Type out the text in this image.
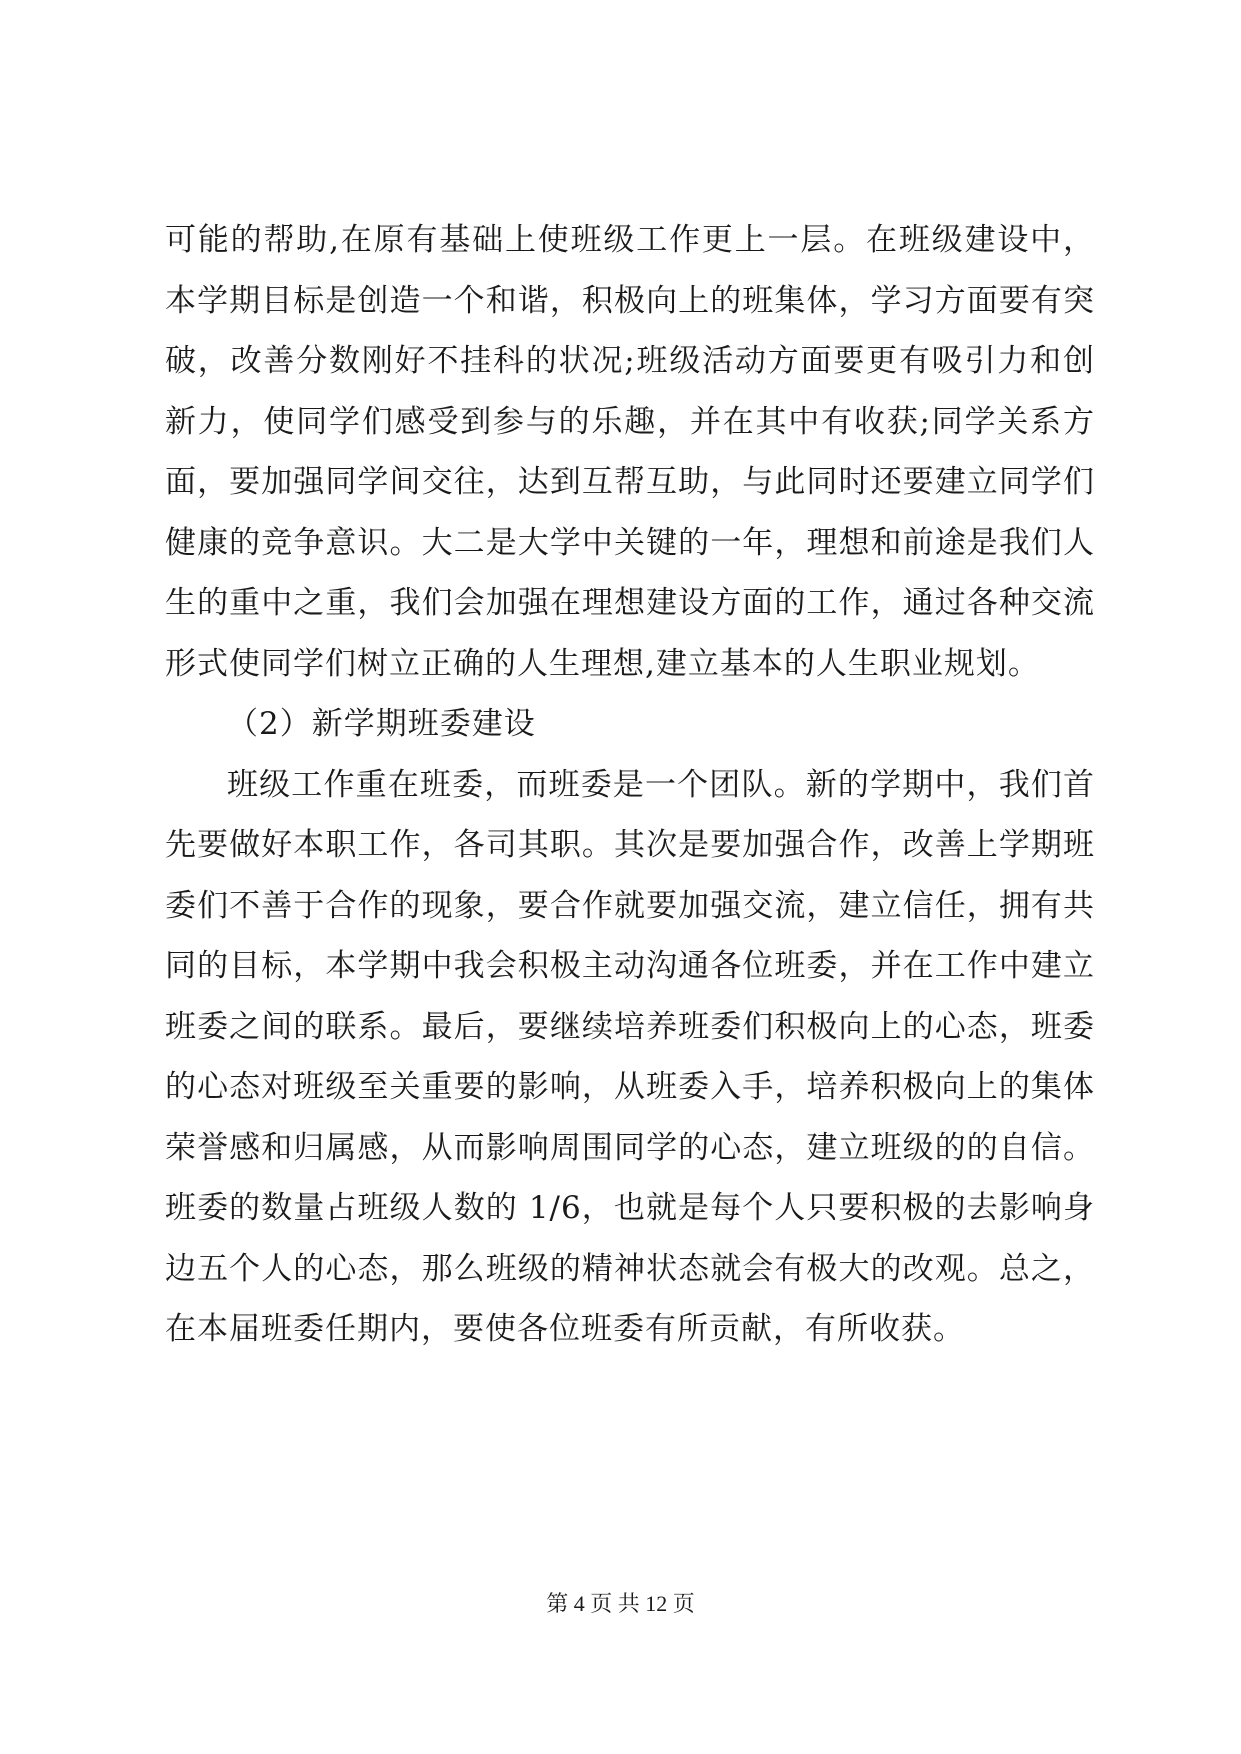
可能的帮助,在原有基础上使班级工作更上一层。在班级建设中，本学期目标是创造一个和谐，积极向上的班集体，学习方面要有突破，改善分数刚好不挂科的状况;班级活动方面要更有吸引力和创新力，使同学们感受到参与的乐趣，并在其中有收获;同学关系方面，要加强同学间交往，达到互帮互助，与此同时还要建立同学们健康的竞争意识。大二是大学中关键的一年，理想和前途是我们人生的重中之重，我们会加强在理想建设方面的工作，通过各种交流形式使同学们树立正确的人生理想,建立基本的人生职业规划。

（2）新学期班委建设

班级工作重在班委，而班委是一个团队。新的学期中，我们首先要做好本职工作，各司其职。其次是要加强合作，改善上学期班委们不善于合作的现象，要合作就要加强交流，建立信任，拥有共同的目标，本学期中我会积极主动沟通各位班委，并在工作中建立班委之间的联系。最后，要继续培养班委们积极向上的心态，班委的心态对班级至关重要的影响，从班委入手，培养积极向上的集体荣誉感和归属感，从而影响周围同学的心态，建立班级的的自信。班委的数量占班级人数的 1/6，也就是每个人只要积极的去影响身边五个人的心态，那么班级的精神状态就会有极大的改观。总之，在本届班委任期内，要使各位班委有所贡献，有所收获。

第 4 页 共 12 页
